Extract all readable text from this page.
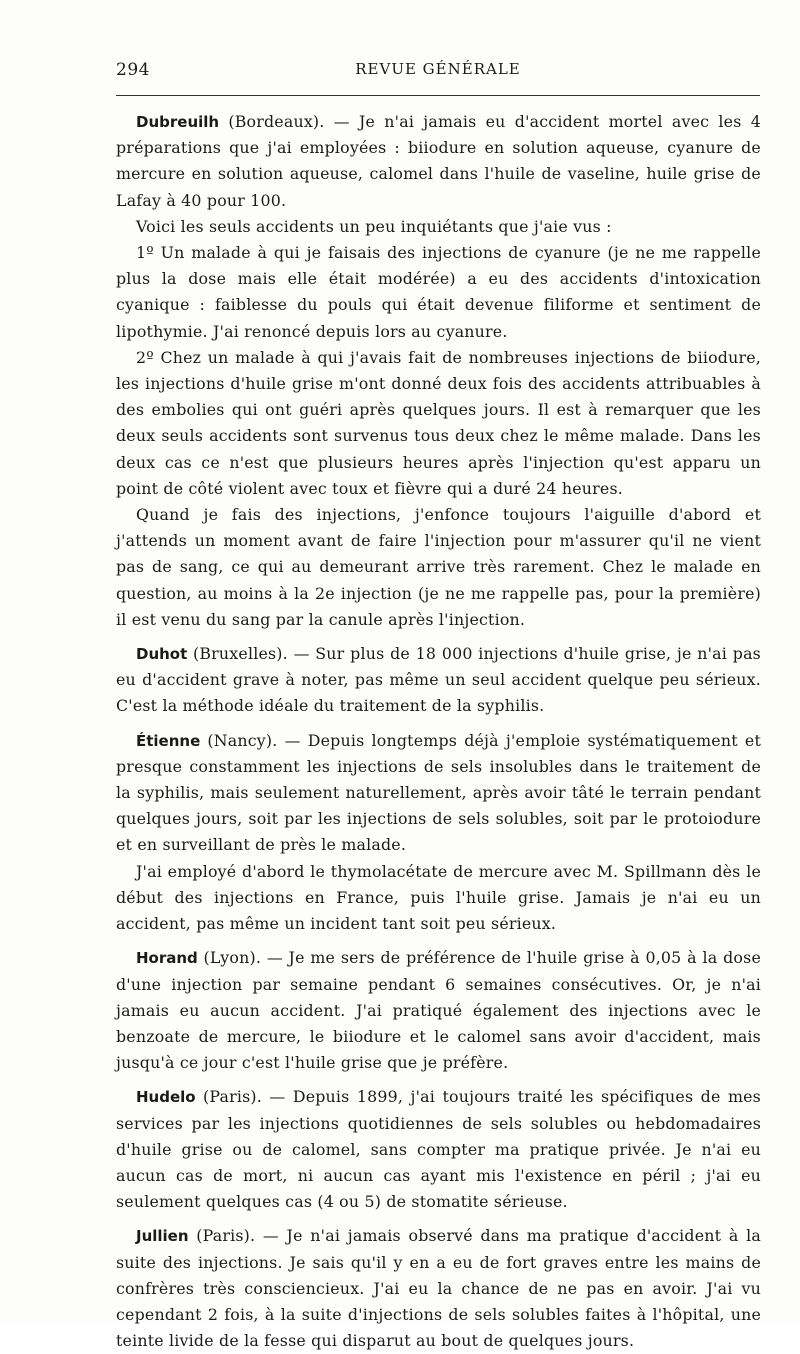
294	REVUE GÉNÉRALE

Dubreuilh (Bordeaux). — Je n'ai jamais eu d'accident mortel avec les 4 préparations que j'ai employées : biiodure en solution aqueuse, cyanure de mercure en solution aqueuse, calomel dans l'huile de vaseline, huile grise de Lafay à 40 pour 100.

Voici les seuls accidents un peu inquiétants que j'aie vus :

1º Un malade à qui je faisais des injections de cyanure (je ne me rappelle plus la dose mais elle était modérée) a eu des accidents d'intoxication cyanique : faiblesse du pouls qui était devenue filiforme et sentiment de lipothymie. J'ai renoncé depuis lors au cyanure.

2º Chez un malade à qui j'avais fait de nombreuses injections de biiodure, les injections d'huile grise m'ont donné deux fois des accidents attribuables à des embolies qui ont guéri après quelques jours. Il est à remarquer que les deux seuls accidents sont survenus tous deux chez le même malade. Dans les deux cas ce n'est que plusieurs heures après l'injection qu'est apparu un point de côté violent avec toux et fièvre qui a duré 24 heures.

Quand je fais des injections, j'enfonce toujours l'aiguille d'abord et j'attends un moment avant de faire l'injection pour m'assurer qu'il ne vient pas de sang, ce qui au demeurant arrive très rarement. Chez le malade en question, au moins à la 2e injection (je ne me rappelle pas, pour la première) il est venu du sang par la canule après l'injection.

Duhot (Bruxelles). — Sur plus de 18 000 injections d'huile grise, je n'ai pas eu d'accident grave à noter, pas même un seul accident quelque peu sérieux. C'est la méthode idéale du traitement de la syphilis.

Étienne (Nancy). — Depuis longtemps déjà j'emploie systématiquement et presque constamment les injections de sels insolubles dans le traitement de la syphilis, mais seulement naturellement, après avoir tâté le terrain pendant quelques jours, soit par les injections de sels solubles, soit par le protoiodure et en surveillant de près le malade.

J'ai employé d'abord le thymolacétate de mercure avec M. Spillmann dès le début des injections en France, puis l'huile grise. Jamais je n'ai eu un accident, pas même un incident tant soit peu sérieux.

Horand (Lyon). — Je me sers de préférence de l'huile grise à 0,05 à la dose d'une injection par semaine pendant 6 semaines consécutives. Or, je n'ai jamais eu aucun accident. J'ai pratiqué également des injections avec le benzoate de mercure, le biiodure et le calomel sans avoir d'accident, mais jusqu'à ce jour c'est l'huile grise que je préfère.

Hudelo (Paris). — Depuis 1899, j'ai toujours traité les spécifiques de mes services par les injections quotidiennes de sels solubles ou hebdomadaires d'huile grise ou de calomel, sans compter ma pratique privée. Je n'ai eu aucun cas de mort, ni aucun cas ayant mis l'existence en péril ; j'ai eu seulement quelques cas (4 ou 5) de stomatite sérieuse.

Jullien (Paris). — Je n'ai jamais observé dans ma pratique d'accident à la suite des injections. Je sais qu'il y en a eu de fort graves entre les mains de confrères très consciencieux. J'ai eu la chance de ne pas en avoir. J'ai vu cependant 2 fois, à la suite d'injections de sels solubles faites à l'hôpital, une teinte livide de la fesse qui disparut au bout de quelques jours.
